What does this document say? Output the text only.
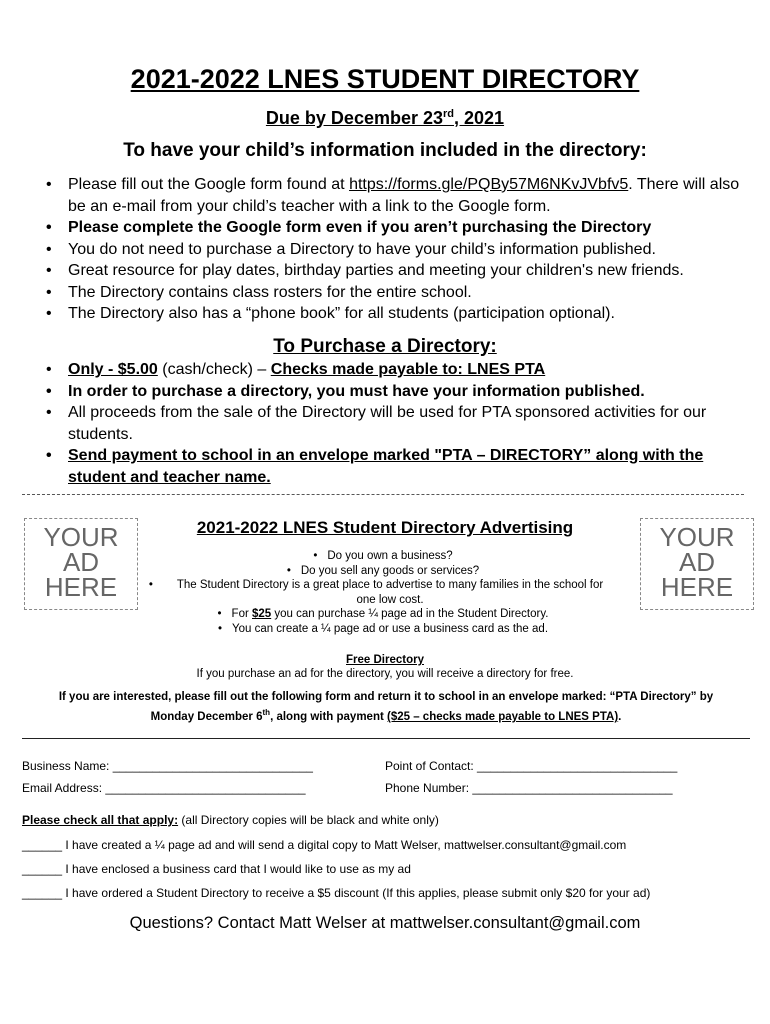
2021-2022 LNES STUDENT DIRECTORY
Due by December 23rd, 2021
To have your child’s information included in the directory:
• Please fill out the Google form found at https://forms.gle/PQBy57M6NKvJVbfv5. There will also be an e-mail from your child’s teacher with a link to the Google form.
• Please complete the Google form even if you aren’t purchasing the Directory
• You do not need to purchase a Directory to have your child’s information published.
• Great resource for play dates, birthday parties and meeting your children's new friends.
• The Directory contains class rosters for the entire school.
• The Directory also has a “phone book” for all students (participation optional).
To Purchase a Directory:
• Only - $5.00 (cash/check) – Checks made payable to: LNES PTA
• In order to purchase a directory, you must have your information published.
• All proceeds from the sale of the Directory will be used for PTA sponsored activities for our students.
• Send payment to school in an envelope marked "PTA – DIRECTORY” along with the student and teacher name.
YOUR
AD
HERE
YOUR
AD
HERE
2021-2022 LNES Student Directory Advertising
• Do you own a business?
• Do you sell any goods or services?
• The Student Directory is a great place to advertise to many families in the school for one low cost.
• For $25 you can purchase ¼ page ad in the Student Directory.
• You can create a ¼ page ad or use a business card as the ad.
Free Directory
If you purchase an ad for the directory, you will receive a directory for free.
If you are interested, please fill out the following form and return it to school in an envelope marked: “PTA Directory” by
Monday December 6th, along with payment ($25 – checks made payable to LNES PTA).
Business Name: ______________________________	Point of Contact: ______________________________
Email Address: ______________________________	Phone Number: ______________________________
Please check all that apply: (all Directory copies will be black and white only)
______ I have created a ¼ page ad and will send a digital copy to Matt Welser, mattwelser.consultant@gmail.com
______ I have enclosed a business card that I would like to use as my ad
______ I have ordered a Student Directory to receive a $5 discount (If this applies, please submit only $20 for your ad)
Questions? Contact Matt Welser at mattwelser.consultant@gmail.com
